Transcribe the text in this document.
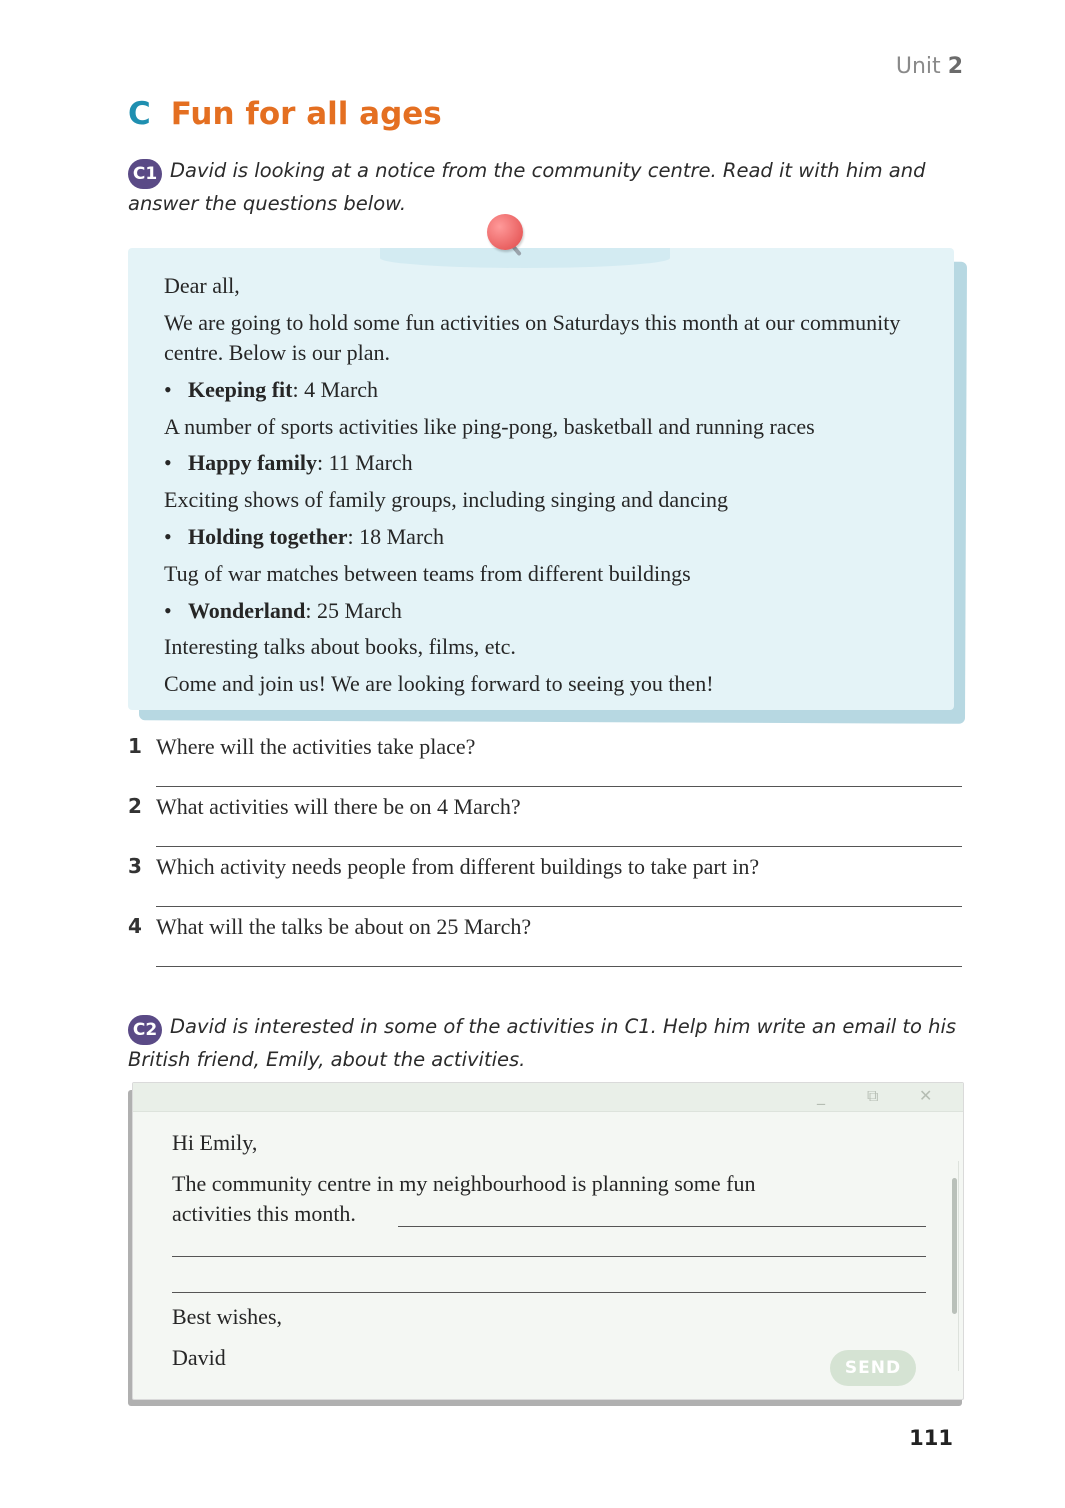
Unit 2
C Fun for all ages
C1 David is looking at a notice from the community centre. Read it with him and answer the questions below.
Dear all,
We are going to hold some fun activities on Saturdays this month at our community centre. Below is our plan.
• Keeping fit: 4 March
A number of sports activities like ping-pong, basketball and running races
• Happy family: 11 March
Exciting shows of family groups, including singing and dancing
• Holding together: 18 March
Tug of war matches between teams from different buildings
• Wonderland: 25 March
Interesting talks about books, films, etc.
Come and join us! We are looking forward to seeing you then!
1 Where will the activities take place?
2 What activities will there be on 4 March?
3 Which activity needs people from different buildings to take part in?
4 What will the talks be about on 25 March?
C2 David is interested in some of the activities in C1. Help him write an email to his British friend, Emily, about the activities.
_	⧉	✕
Hi Emily,
The community centre in my neighbourhood is planning some fun
activities this month.
Best wishes,
David	SEND
111
